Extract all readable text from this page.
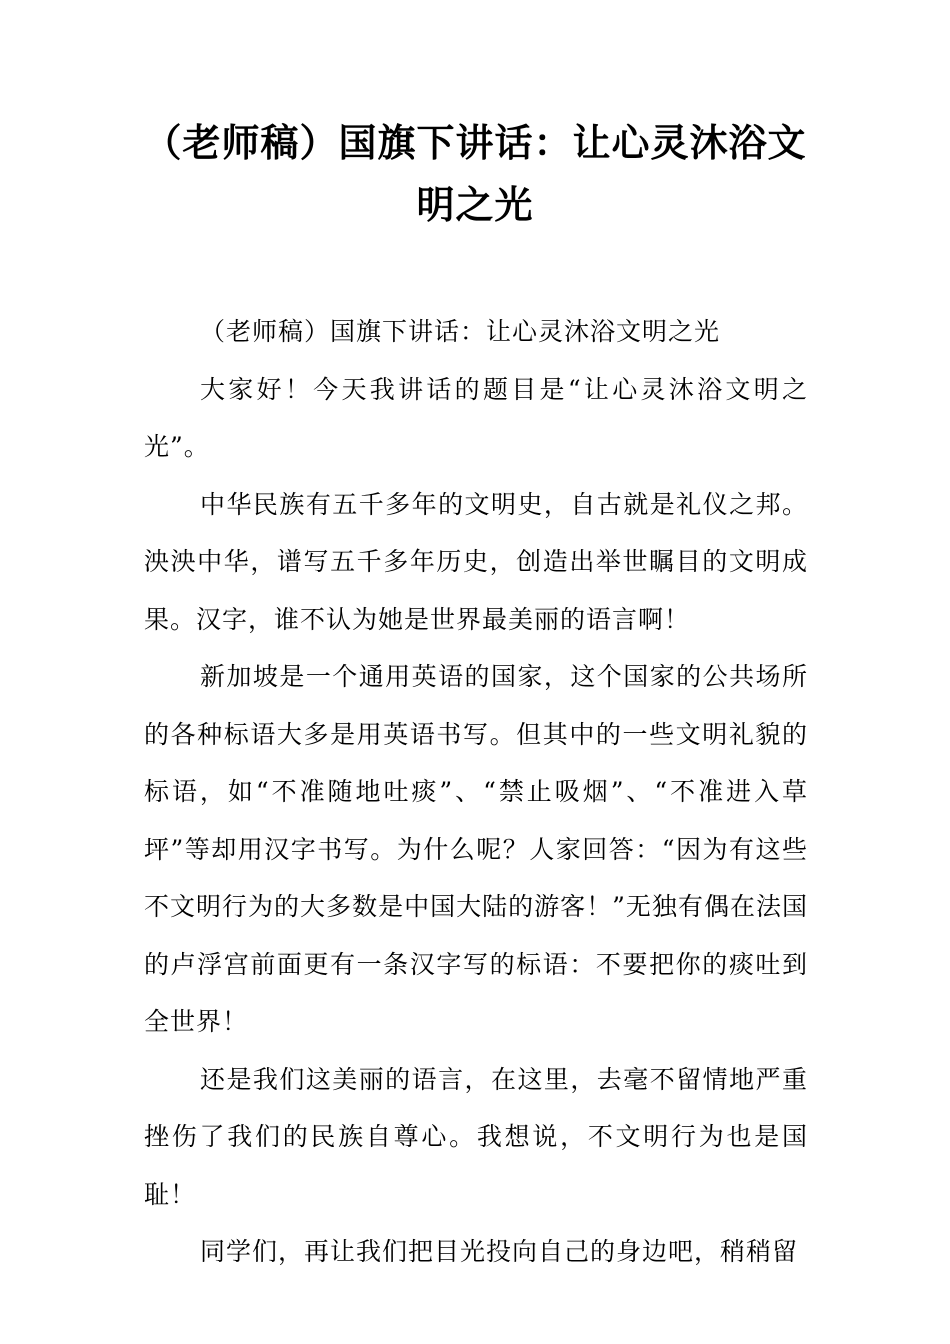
（老师稿）国旗下讲话：让心灵沐浴文明之光

（老师稿）国旗下讲话：让心灵沐浴文明之光

大家好！今天我讲话的题目是“让心灵沐浴文明之光”。

中华民族有五千多年的文明史，自古就是礼仪之邦。泱泱中华，谱写五千多年历史，创造出举世瞩目的文明成果。汉字，谁不认为她是世界最美丽的语言啊！

新加坡是一个通用英语的国家，这个国家的公共场所的各种标语大多是用英语书写。但其中的一些文明礼貌的标语，如“不准随地吐痰”、“禁止吸烟”、“不准进入草坪”等却用汉字书写。为什么呢？人家回答：“因为有这些不文明行为的大多数是中国大陆的游客！”无独有偶在法国的卢浮宫前面更有一条汉字写的标语：不要把你的痰吐到全世界！

还是我们这美丽的语言，在这里，去毫不留情地严重挫伤了我们的民族自尊心。我想说，不文明行为也是国耻！

同学们，再让我们把目光投向自己的身边吧，稍稍留
